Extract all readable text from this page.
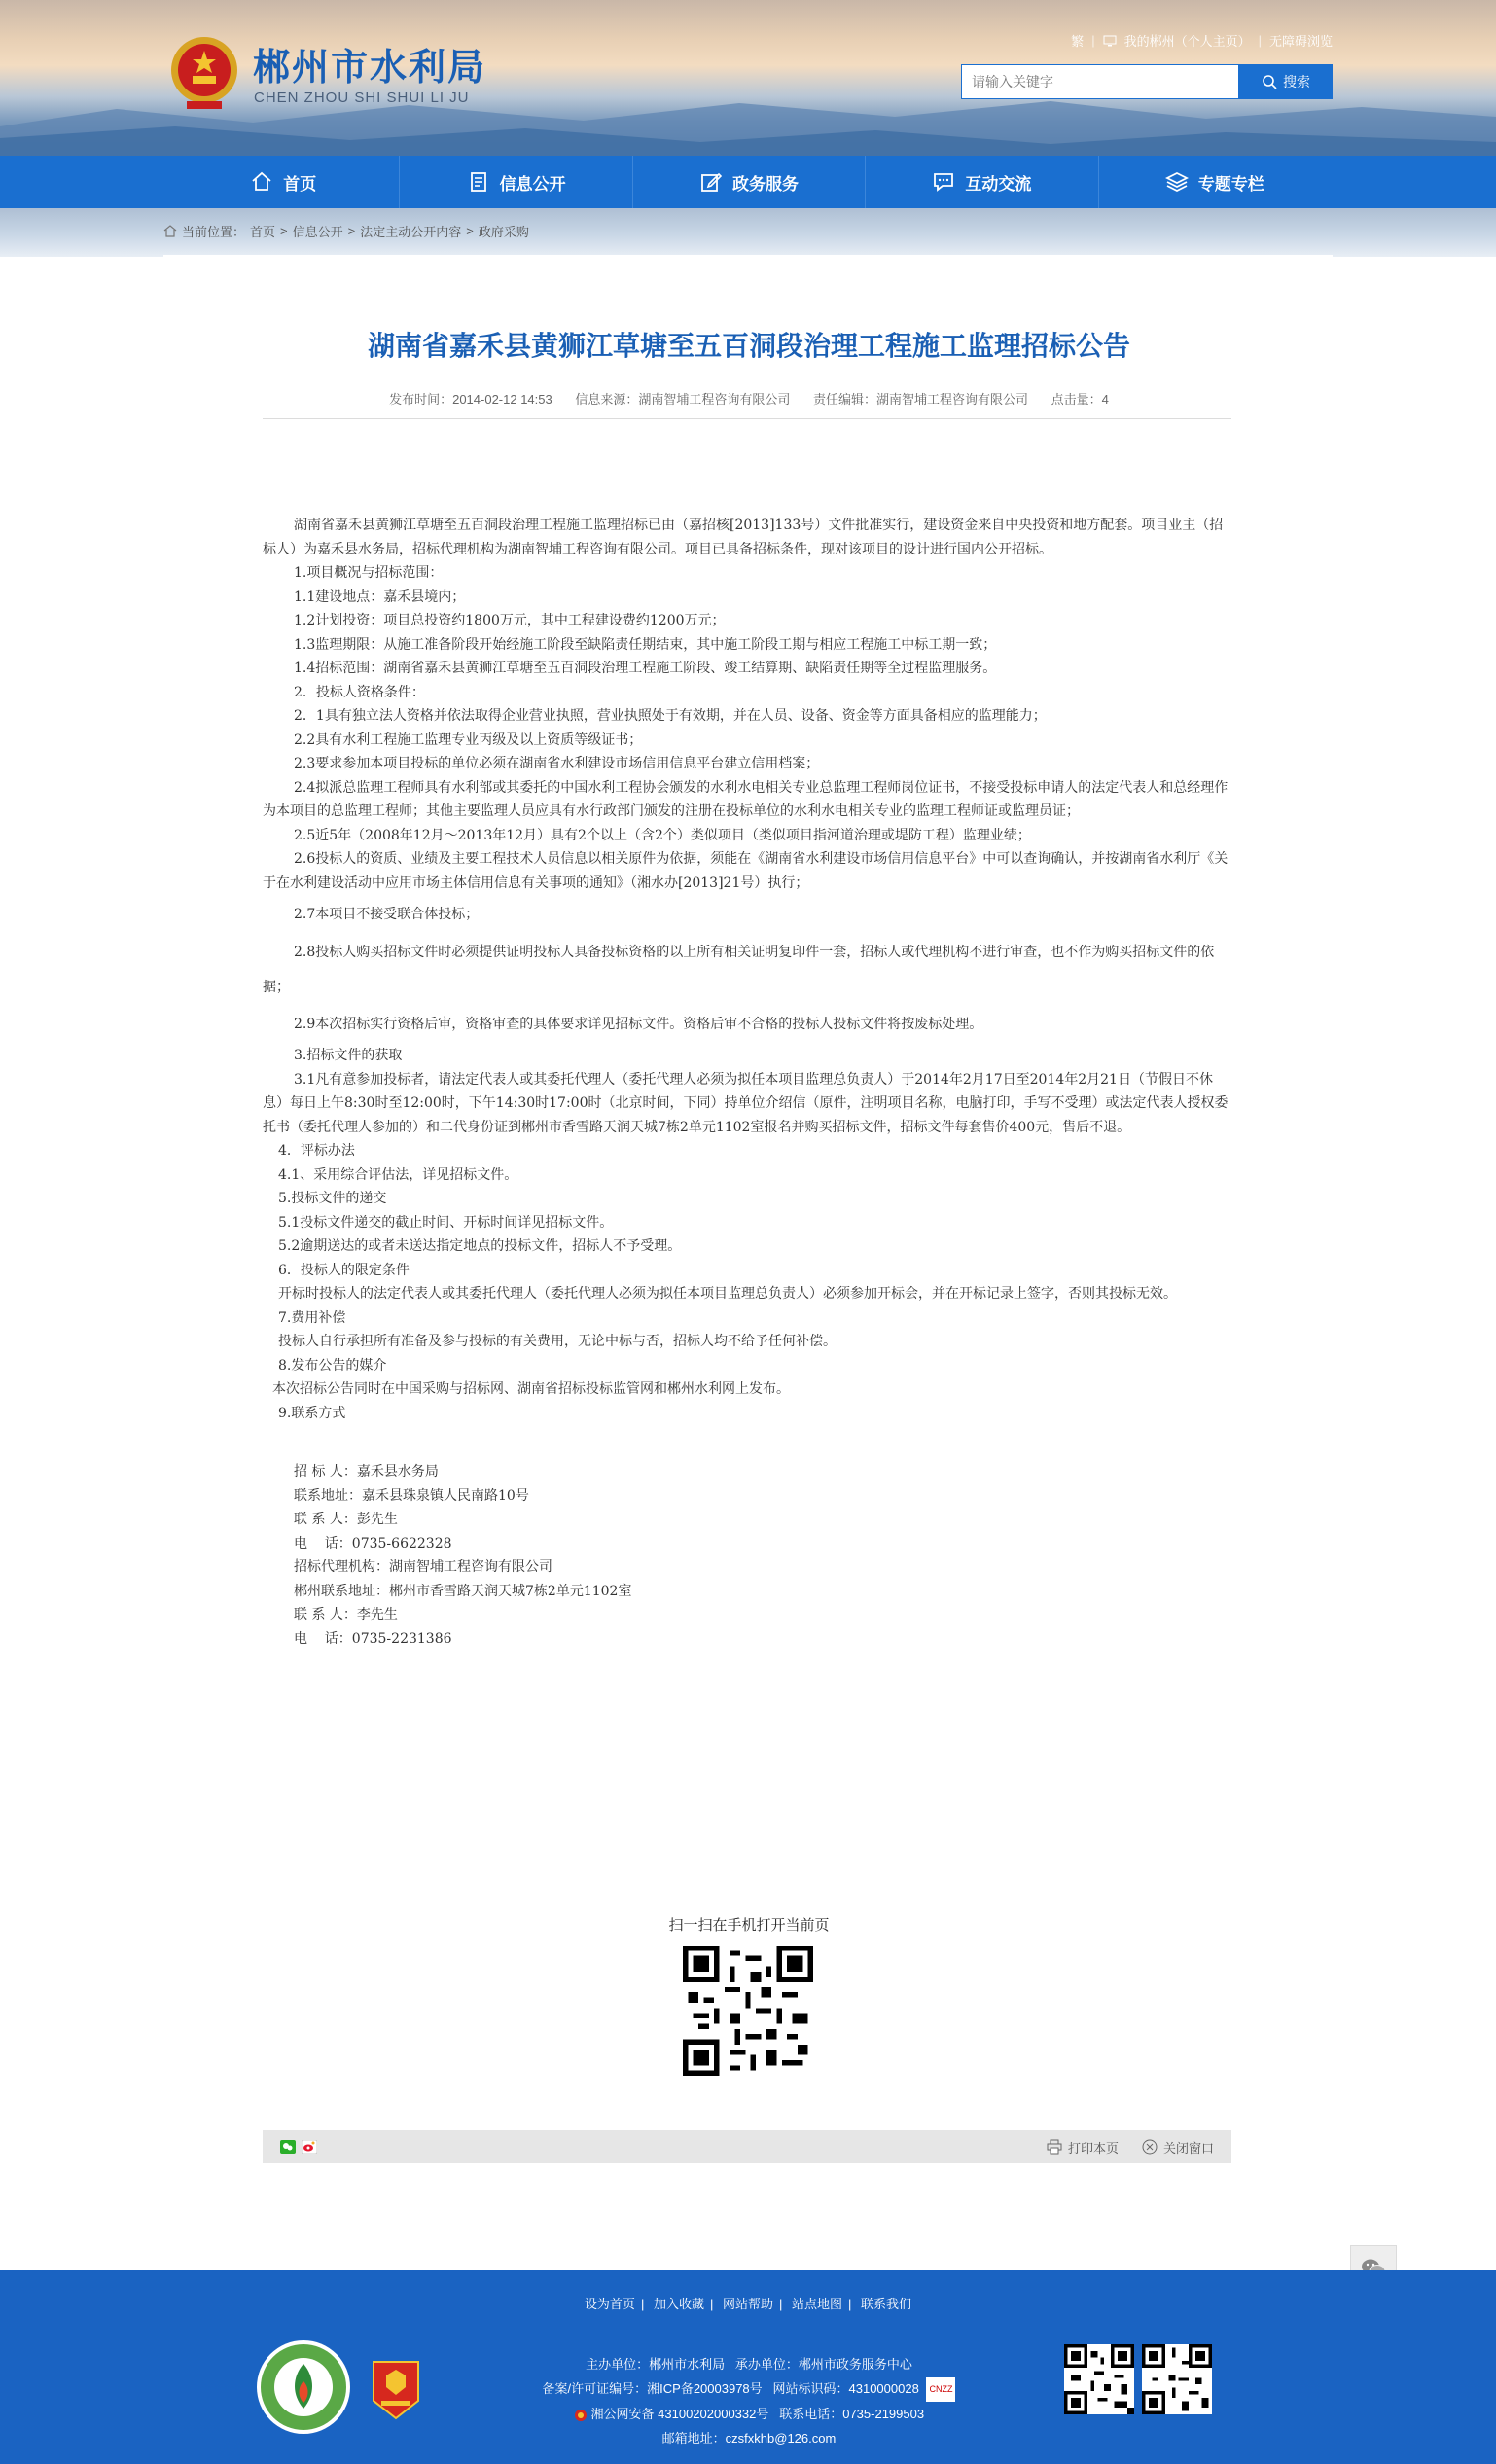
郴州市水利局
CHEN ZHOU SHI SHUI LI JU
繁 | 我的郴州（个人主页） | 无障碍浏览
请输入关键字
搜索
首页	信息公开	政务服务	互动交流	专题专栏
当前位置： 首页 > 信息公开 > 法定主动公开内容 > 政府采购
湖南省嘉禾县黄狮江草塘至五百洞段治理工程施工监理招标公告
发布时间：2014-02-12 14:53 信息来源：湖南智埔工程咨询有限公司 责任编辑：湖南智埔工程咨询有限公司 点击量：4
湖南省嘉禾县黄狮江草塘至五百洞段治理工程施工监理招标已由（嘉招核[2013]133号）文件批准实行，建设资金来自中央投资和地方配套。项目业主（招标人）为嘉禾县水务局，招标代理机构为湖南智埔工程咨询有限公司。项目已具备招标条件，现对该项目的设计进行国内公开招标。
1.项目概况与招标范围：
1.1建设地点：嘉禾县境内；
1.2计划投资：项目总投资约1800万元，其中工程建设费约1200万元；
1.3监理期限：从施工准备阶段开始经施工阶段至缺陷责任期结束，其中施工阶段工期与相应工程施工中标工期一致；
1.4招标范围：湖南省嘉禾县黄狮江草塘至五百洞段治理工程施工阶段、竣工结算期、缺陷责任期等全过程监理服务。
2．投标人资格条件：
2．1具有独立法人资格并依法取得企业营业执照，营业执照处于有效期，并在人员、设备、资金等方面具备相应的监理能力；
2.2具有水利工程施工监理专业丙级及以上资质等级证书；
2.3要求参加本项目投标的单位必须在湖南省水利建设市场信用信息平台建立信用档案；
2.4拟派总监理工程师具有水利部或其委托的中国水利工程协会颁发的水利水电相关专业总监理工程师岗位证书，不接受投标申请人的法定代表人和总经理作为本项目的总监理工程师；其他主要监理人员应具有水行政部门颁发的注册在投标单位的水利水电相关专业的监理工程师证或监理员证；
2.5近5年（2008年12月～2013年12月）具有2个以上（含2个）类似项目（类似项目指河道治理或堤防工程）监理业绩；
2.6投标人的资质、业绩及主要工程技术人员信息以相关原件为依据，须能在《湖南省水利建设市场信用信息平台》中可以查询确认，并按湖南省水利厅《关于在水利建设活动中应用市场主体信用信息有关事项的通知》（湘水办[2013]21号）执行；
2.7本项目不接受联合体投标；
2.8投标人购买招标文件时必须提供证明投标人具备投标资格的以上所有相关证明复印件一套，招标人或代理机构不进行审查，也不作为购买招标文件的依据；
2.9本次招标实行资格后审，资格审查的具体要求详见招标文件。资格后审不合格的投标人投标文件将按废标处理。
3.招标文件的获取
3.1凡有意参加投标者，请法定代表人或其委托代理人（委托代理人必须为拟任本项目监理总负责人）于2014年2月17日至2014年2月21日（节假日不休息）每日上午8:30时至12:00时，下午14:30时17:00时（北京时间，下同）持单位介绍信（原件，注明项目名称，电脑打印，手写不受理）或法定代表人授权委托书（委托代理人参加的）和二代身份证到郴州市香雪路天润天城7栋2单元1102室报名并购买招标文件，招标文件每套售价400元，售后不退。
4．评标办法
4.1、采用综合评估法，详见招标文件。
5.投标文件的递交
5.1投标文件递交的截止时间、开标时间详见招标文件。
5.2逾期送达的或者未送达指定地点的投标文件，招标人不予受理。
6．投标人的限定条件
开标时投标人的法定代表人或其委托代理人（委托代理人必须为拟任本项目监理总负责人）必须参加开标会，并在开标记录上签字，否则其投标无效。
7.费用补偿
投标人自行承担所有准备及参与投标的有关费用，无论中标与否，招标人均不给予任何补偿。
8.发布公告的媒介
本次招标公告同时在中国采购与招标网、湖南省招标投标监管网和郴州水利网上发布。
9.联系方式
招 标 人：嘉禾县水务局
联系地址：嘉禾县珠泉镇人民南路10号
联 系 人：彭先生
电    话：0735-6622328
招标代理机构：湖南智埔工程咨询有限公司
郴州联系地址：郴州市香雪路天润天城7栋2单元1102室
联 系 人：李先生
电    话：0735-2231386
扫一扫在手机打开当前页
打印本页	关闭窗口
设为首页 | 加入收藏 | 网站帮助 | 站点地图 | 联系我们
主办单位：郴州市水利局 承办单位：郴州市政务服务中心
备案/许可证编号：湘ICP备20003978号 网站标识码：4310000028 CNZZ
湘公网安备 43100202000332号 联系电话：0735-2199503
邮箱地址：czsfxkhb@126.com
